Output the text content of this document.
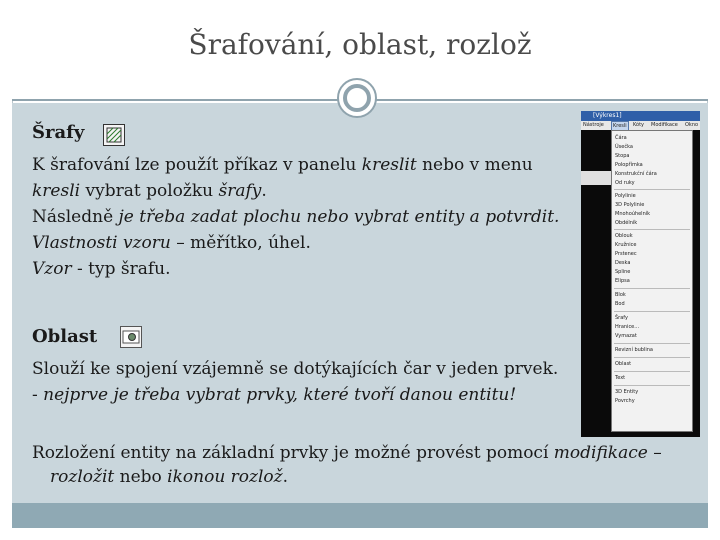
Šrafování, oblast, rozlož
Šrafy
K šrafování lze použít příkaz v panelu kreslit nebo v menu
kresli vybrat položku šrafy.
Následně je třeba zadat plochu nebo vybrat entity a potvrdit.
Vlastnosti vzoru – měřítko, úhel.
Vzor - typ šrafu.
Oblast
Slouží ke spojení vzájemně se dotýkajících čar v jeden prvek.
- nejprve je třeba vybrat prvky, které tvoří danou entitu!
Rozložení entity na základní prvky je možné provést pomocí modifikace –
rozložit nebo ikonou rozlož.
[Výkres1]
Nástroje	Kresli	Kóty Modifikace Okno
Čára
Úsečka
Stopa
Polopřímka
Konstrukční čára
Od ruky
Polylinie
3D Polylinie
Mnohoúhelník
Obdélník
Oblouk
Kružnice
Prstenec
Deska
Spline
Elipsa
Blok
Bod
Šrafy
Hranice...
Vymazat
Revizní bublina
Oblast
Text
3D Entity
Povrchy
